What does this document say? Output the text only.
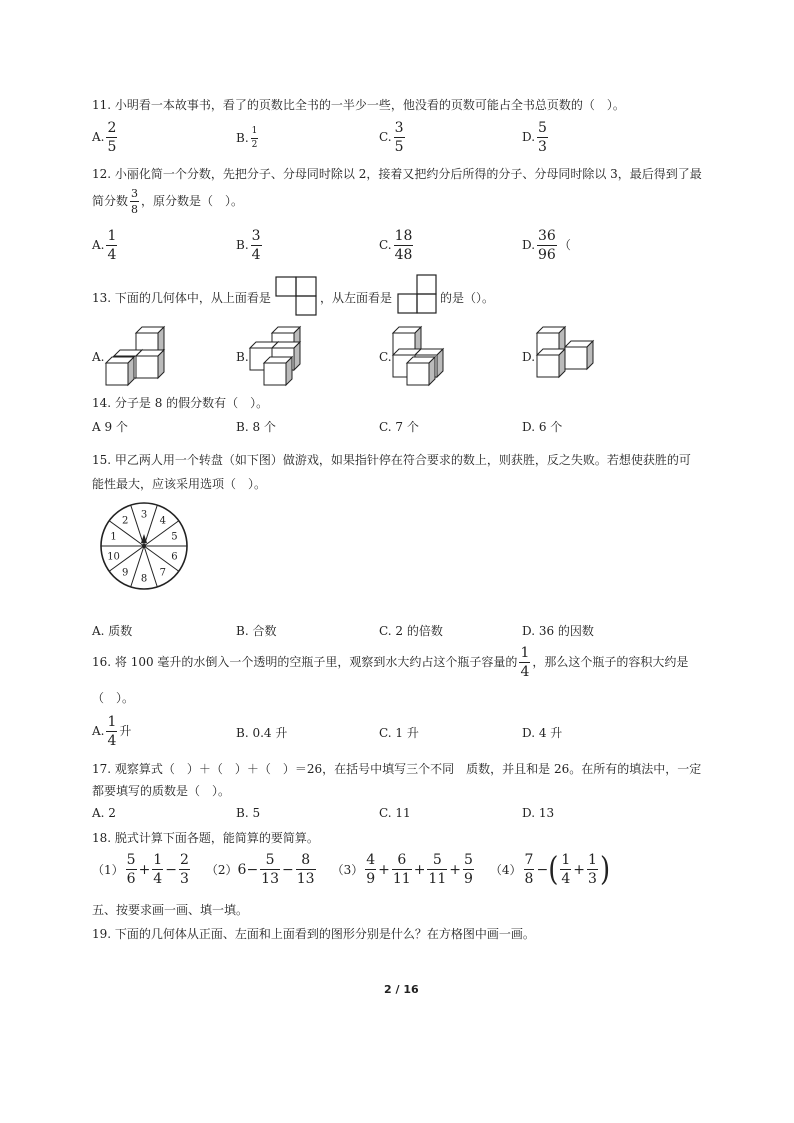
11. 小明看一本故事书，看了的页数比全书的一半少一些，他没看的页数可能占全书总页数的（　）。
A. $\frac{2}{5}$	B. $\frac{1}{2}$	C. $\frac{3}{5}$	D. $\frac{5}{3}$
12. 小丽化简一个分数，先把分子、分母同时除以 2，接着又把约分后所得的分子、分母同时除以 3，最后得到了最
简分数 $\frac{3}{8}$ ，原分数是（　）。
A. $\frac{1}{4}$	B. $\frac{3}{4}$	C. $\frac{18}{48}$	D. $\frac{36}{96}$ （
13. 下面的几何体中，从上面看是	，从左面看是	的是（）。
A.	B.	C.	D.
14. 分子是 8 的假分数有（　）。
A 9 个	B. 8 个	C. 7 个	D. 6 个
15. 甲乙两人用一个转盘（如下图）做游戏，如果指针停在符合要求的数上，则获胜，反之失败。若想使获胜的可
能性最大，应该采用选项（　）。
3
4
5
6
7
8
9
10
1
2
A. 质数	B. 合数	C. 2 的倍数	D. 36 的因数
16. 将 100 毫升的水倒入一个透明的空瓶子里，观察到水大约占这个瓶子容量的 $\frac{1}{4}$ ，那么这个瓶子的容积大约是
（　）。
A. $\frac{1}{4}$ 升	B. 0.4 升	C. 1 升	D. 4 升
17. 观察算式（　）＋（　）＋（　）＝26，在括号中填写三个不同　质数，并且和是 26。在所有的填法中，一定
都要填写的质数是（　）。
A. 2	B. 5	C. 11	D. 13
18. 脱式计算下面各题，能简算的要简算。
$(1) \frac{5}{6} + \frac{1}{4} - \frac{2}{3} (2) 6 - \frac{5}{13} - \frac{8}{13} (3) \frac{4}{9} + \frac{6}{11} + \frac{5}{11} + \frac{5}{9} (4) \frac{7}{8}$ − ( $\frac{1}{4} + \frac{1}{3}$ )
五、按要求画一画、填一填。
19. 下面的几何体从正面、左面和上面看到的图形分别是什么？在方格图中画一画。
2 / 16
